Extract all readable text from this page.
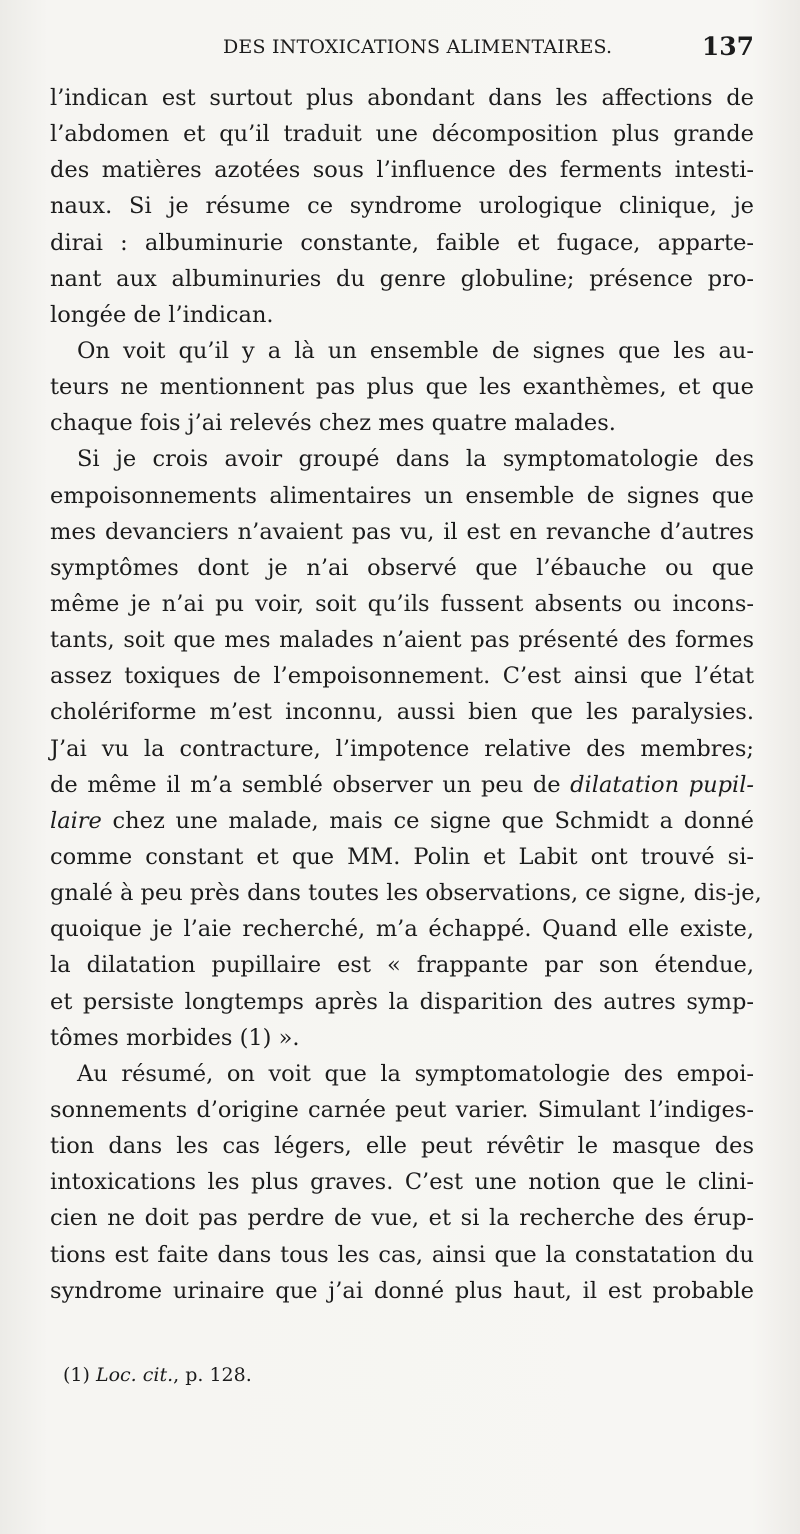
DES INTOXICATIONS ALIMENTAIRES.	137
l’indican est surtout plus abondant dans les affections de
l’abdomen et qu’il traduit une décomposition plus grande
des matières azotées sous l’influence des ferments intesti-
naux. Si je résume ce syndrome urologique clinique, je
dirai : albuminurie constante, faible et fugace, apparte-
nant aux albuminuries du genre globuline; présence pro-
longée de l’indican.
On voit qu’il y a là un ensemble de signes que les au-
teurs ne mentionnent pas plus que les exanthèmes, et que
chaque fois j’ai relevés chez mes quatre malades.
Si je crois avoir groupé dans la symptomatologie des
empoisonnements alimentaires un ensemble de signes que
mes devanciers n’avaient pas vu, il est en revanche d’autres
symptômes dont je n’ai observé que l’ébauche ou que
même je n’ai pu voir, soit qu’ils fussent absents ou incons-
tants, soit que mes malades n’aient pas présenté des formes
assez toxiques de l’empoisonnement. C’est ainsi que l’état
cholériforme m’est inconnu, aussi bien que les paralysies.
J’ai vu la contracture, l’impotence relative des membres;
de même il m’a semblé observer un peu de dilatation pupil-
laire chez une malade, mais ce signe que Schmidt a donné
comme constant et que MM. Polin et Labit ont trouvé si-
gnalé à peu près dans toutes les observations, ce signe, dis-je,
quoique je l’aie recherché, m’a échappé. Quand elle existe,
la dilatation pupillaire est « frappante par son étendue,
et persiste longtemps après la disparition des autres symp-
tômes morbides (1) ».
Au résumé, on voit que la symptomatologie des empoi-
sonnements d’origine carnée peut varier. Simulant l’indiges-
tion dans les cas légers, elle peut révêtir le masque des
intoxications les plus graves. C’est une notion que le clini-
cien ne doit pas perdre de vue, et si la recherche des érup-
tions est faite dans tous les cas, ainsi que la constatation du
syndrome urinaire que j’ai donné plus haut, il est probable
(1) Loc. cit., p. 128.
